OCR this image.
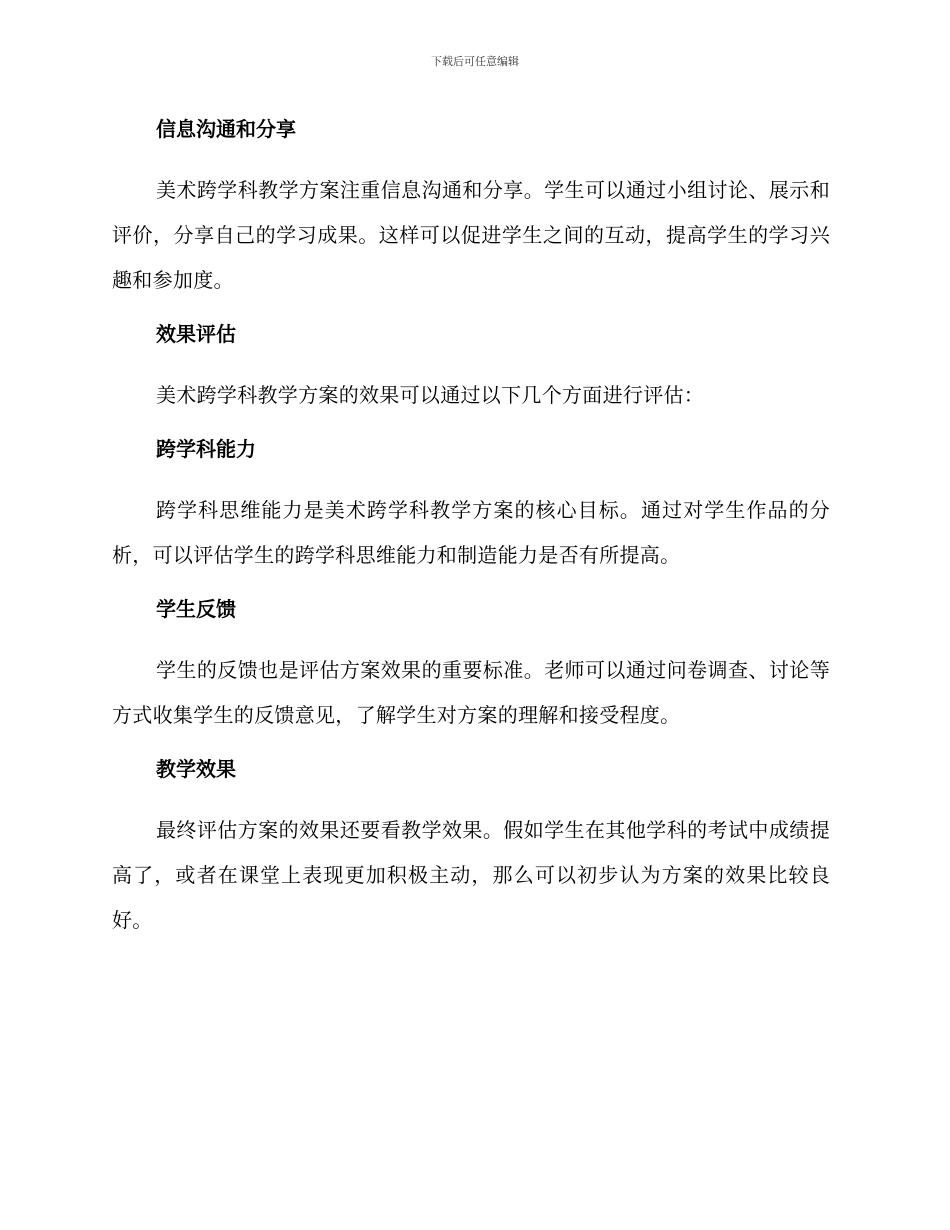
下载后可任意编辑
信息沟通和分享

美术跨学科教学方案注重信息沟通和分享。学生可以通过小组讨论、展示和评价，分享自己的学习成果。这样可以促进学生之间的互动，提高学生的学习兴趣和参加度。

效果评估

美术跨学科教学方案的效果可以通过以下几个方面进行评估：

跨学科能力

跨学科思维能力是美术跨学科教学方案的核心目标。通过对学生作品的分析，可以评估学生的跨学科思维能力和制造能力是否有所提高。

学生反馈

学生的反馈也是评估方案效果的重要标准。老师可以通过问卷调查、讨论等方式收集学生的反馈意见，了解学生对方案的理解和接受程度。

教学效果

最终评估方案的效果还要看教学效果。假如学生在其他学科的考试中成绩提高了，或者在课堂上表现更加积极主动，那么可以初步认为方案的效果比较良好。
